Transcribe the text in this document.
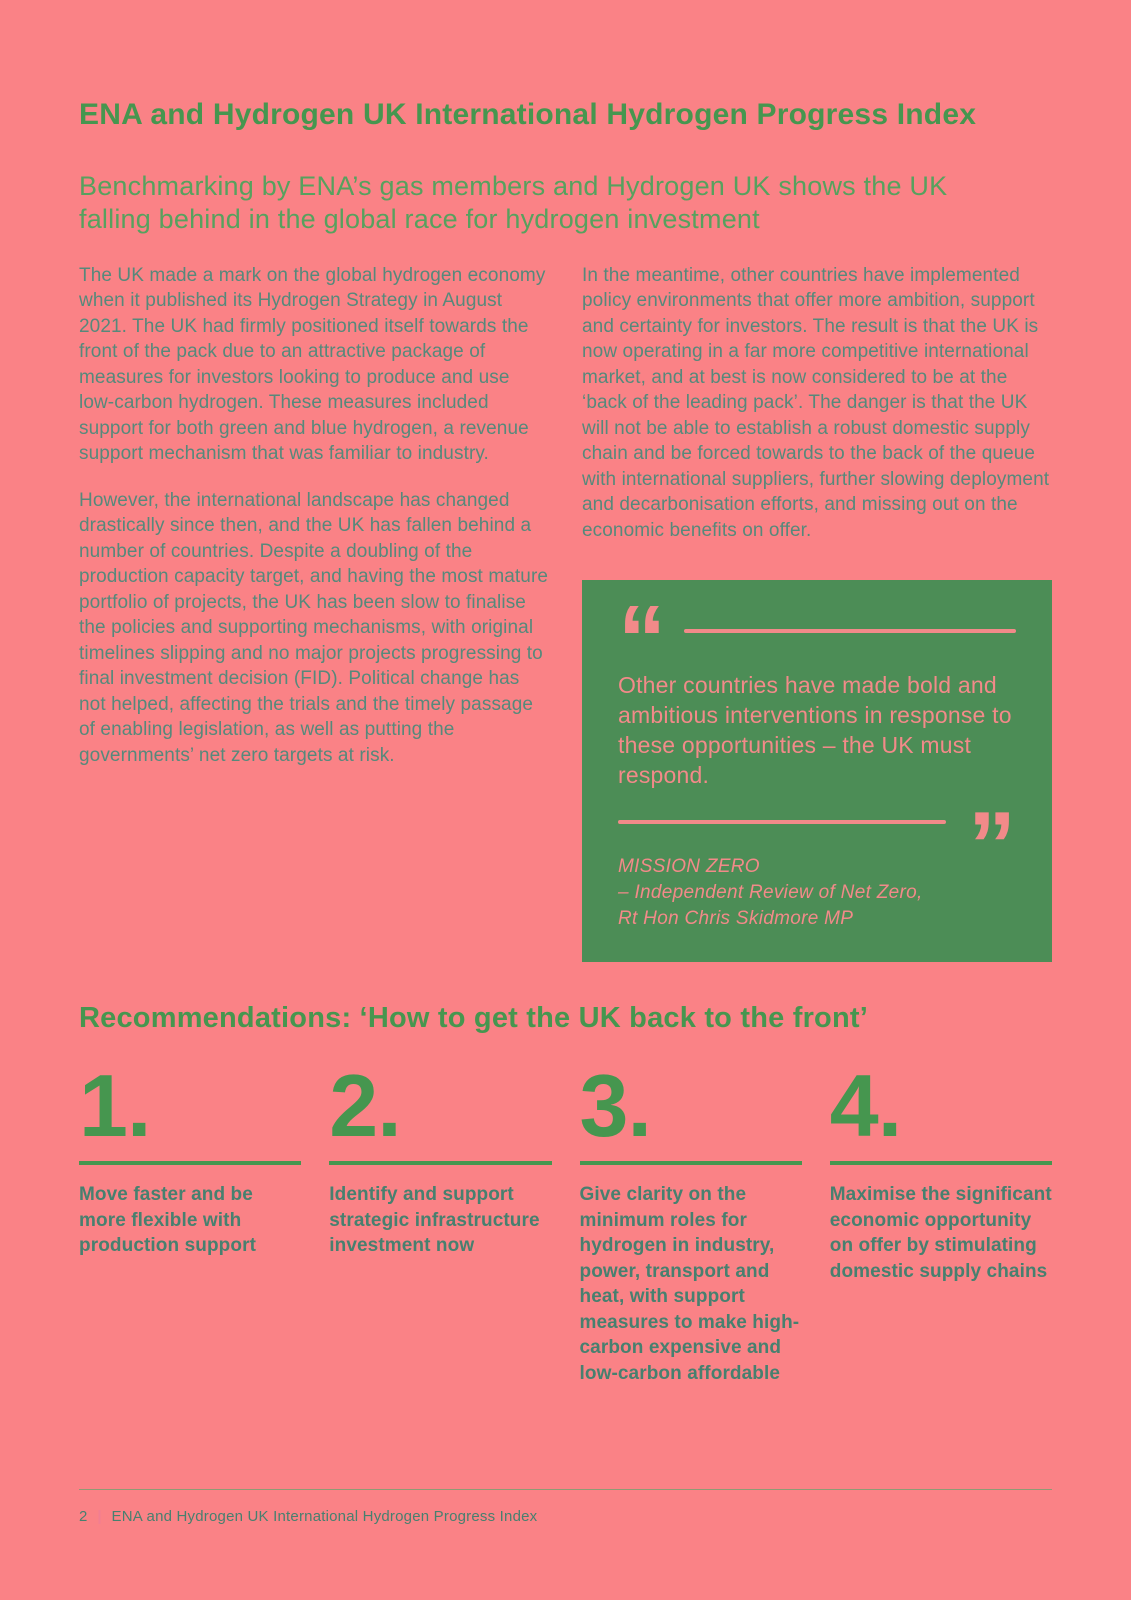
ENA and Hydrogen UK International Hydrogen Progress Index
Benchmarking by ENA’s gas members and Hydrogen UK shows the UK falling behind in the global race for hydrogen investment

The UK made a mark on the global hydrogen economy when it published its Hydrogen Strategy in August 2021. The UK had firmly positioned itself towards the front of the pack due to an attractive package of measures for investors looking to produce and use low-carbon hydrogen. These measures included support for both green and blue hydrogen, a revenue support mechanism that was familiar to industry.

However, the international landscape has changed drastically since then, and the UK has fallen behind a number of countries. Despite a doubling of the production capacity target, and having the most mature portfolio of projects, the UK has been slow to finalise the policies and supporting mechanisms, with original timelines slipping and no major projects progressing to final investment decision (FID). Political change has not helped, affecting the trials and the timely passage of enabling legislation, as well as putting the governments’ net zero targets at risk.

In the meantime, other countries have implemented policy environments that offer more ambition, support and certainty for investors. The result is that the UK is now operating in a far more competitive international market, and at best is now considered to be at the ‘back of the leading pack’. The danger is that the UK will not be able to establish a robust domestic supply chain and be forced towards to the back of the queue with international suppliers, further slowing deployment and decarbonisation efforts, and missing out on the economic benefits on offer.

“

Other countries have made bold and ambitious interventions in response to these opportunities – the UK must respond.

”
MISSION ZERO
– Independent Review of Net Zero,
Rt Hon Chris Skidmore MP
Recommendations: ‘How to get the UK back to the front’
1.
Move faster and be more flexible with production support
2.
Identify and support strategic infrastructure investment now
3.
Give clarity on the minimum roles for hydrogen in industry, power, transport and heat, with support measures to make high-carbon expensive and low-carbon affordable
4.
Maximise the significant economic opportunity on offer by stimulating domestic supply chains
2 | ENA and Hydrogen UK International Hydrogen Progress Index
